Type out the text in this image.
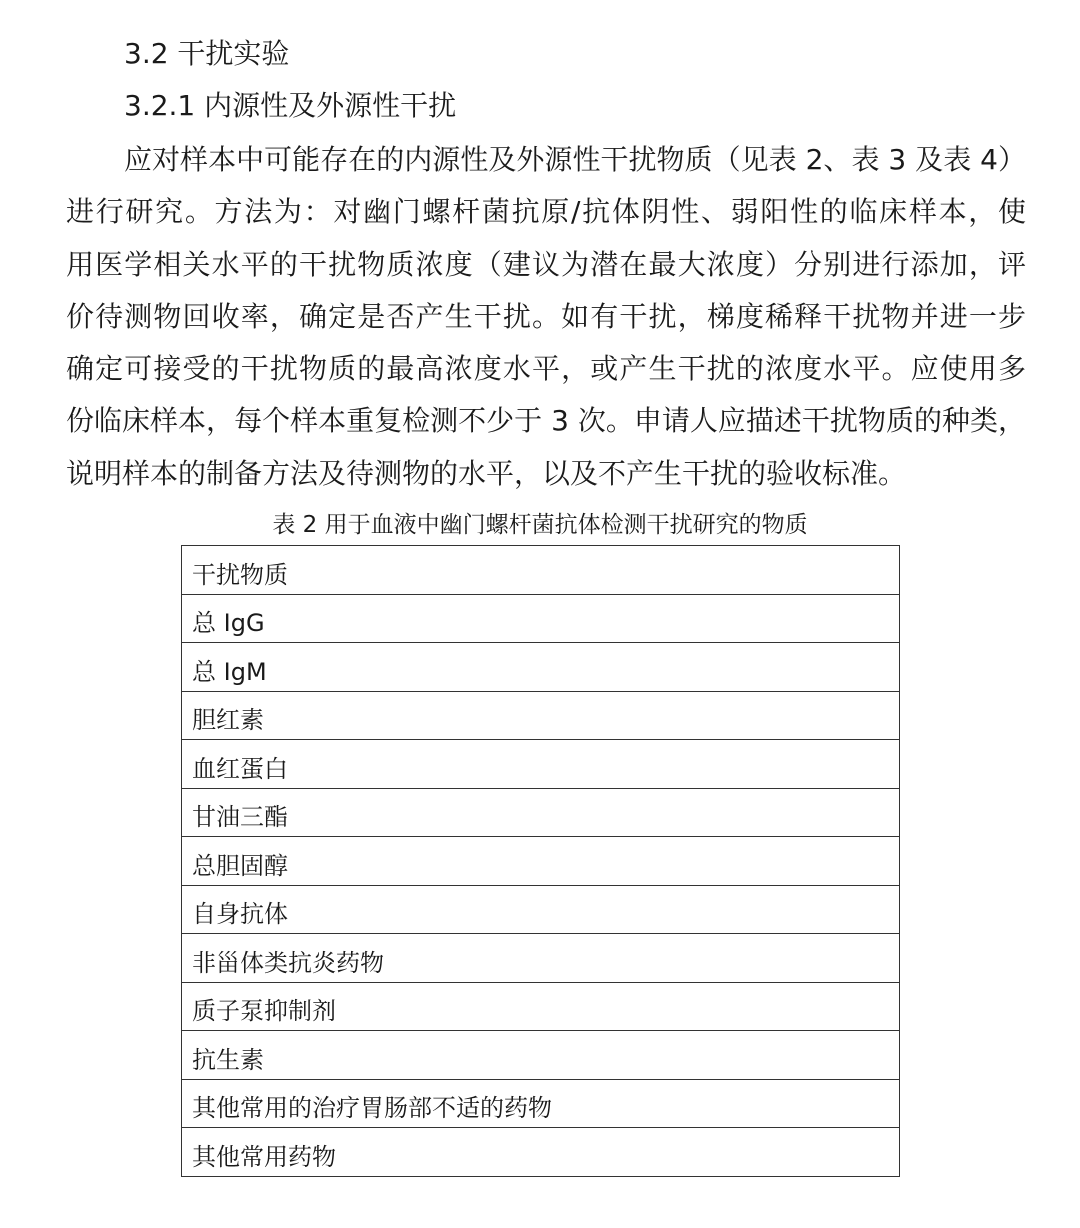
3.2 干扰实验
3.2.1 内源性及外源性干扰

应对样本中可能存在的内源性及外源性干扰物质（见表 2、表 3 及表 4）
进行研究。方法为：对幽门螺杆菌抗原/抗体阴性、弱阳性的临床样本，使
用医学相关水平的干扰物质浓度（建议为潜在最大浓度）分别进行添加，评
价待测物回收率，确定是否产生干扰。如有干扰，梯度稀释干扰物并进一步
确定可接受的干扰物质的最高浓度水平，或产生干扰的浓度水平。应使用多
份临床样本，每个样本重复检测不少于 3 次。申请人应描述干扰物质的种类，
说明样本的制备方法及待测物的水平，以及不产生干扰的验收标准。

表 2 用于血液中幽门螺杆菌抗体检测干扰研究的物质
干扰物质
总 IgG
总 IgM
胆红素
血红蛋白
甘油三酯
总胆固醇
自身抗体
非甾体类抗炎药物
质子泵抑制剂
抗生素
其他常用的治疗胃肠部不适的药物
其他常用药物
